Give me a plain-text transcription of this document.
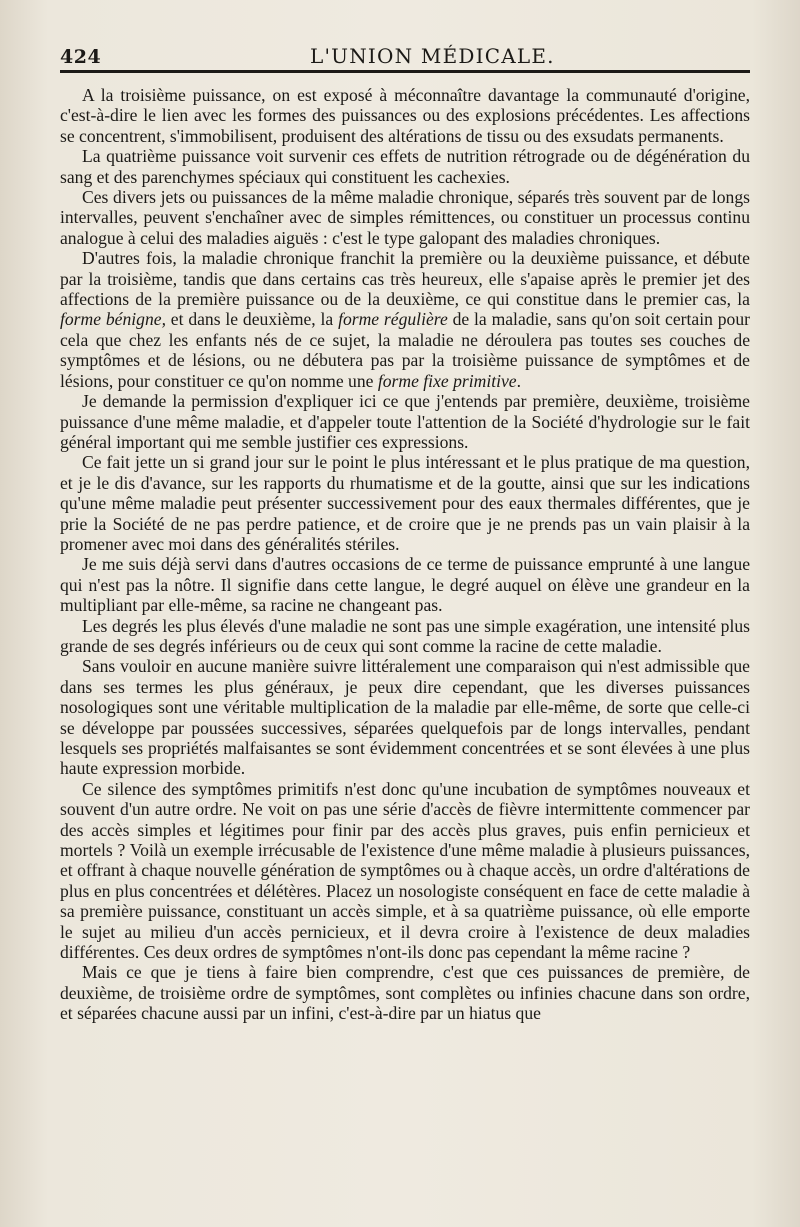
424	L'UNION MÉDICALE.

A la troisième puissance, on est exposé à méconnaître davantage la communauté d'origine, c'est-à-dire le lien avec les formes des puissances ou des explosions précédentes. Les affections se concentrent, s'immobilisent, produisent des altérations de tissu ou des exsudats permanents.

La quatrième puissance voit survenir ces effets de nutrition rétrograde ou de dégénération du sang et des parenchymes spéciaux qui constituent les cachexies.

Ces divers jets ou puissances de la même maladie chronique, séparés très souvent par de longs intervalles, peuvent s'enchaîner avec de simples rémittences, ou constituer un processus continu analogue à celui des maladies aiguës : c'est le type galopant des maladies chroniques.

D'autres fois, la maladie chronique franchit la première ou la deuxième puissance, et débute par la troisième, tandis que dans certains cas très heureux, elle s'apaise après le premier jet des affections de la première puissance ou de la deuxième, ce qui constitue dans le premier cas, la forme bénigne, et dans le deuxième, la forme régulière de la maladie, sans qu'on soit certain pour cela que chez les enfants nés de ce sujet, la maladie ne déroulera pas toutes ses couches de symptômes et de lésions, ou ne débutera pas par la troisième puissance de symptômes et de lésions, pour constituer ce qu'on nomme une forme fixe primitive.

Je demande la permission d'expliquer ici ce que j'entends par première, deuxième, troisième puissance d'une même maladie, et d'appeler toute l'attention de la Société d'hydrologie sur le fait général important qui me semble justifier ces expressions.

Ce fait jette un si grand jour sur le point le plus intéressant et le plus pratique de ma question, et je le dis d'avance, sur les rapports du rhumatisme et de la goutte, ainsi que sur les indications qu'une même maladie peut présenter successivement pour des eaux thermales différentes, que je prie la Société de ne pas perdre patience, et de croire que je ne prends pas un vain plaisir à la promener avec moi dans des généralités stériles.

Je me suis déjà servi dans d'autres occasions de ce terme de puissance emprunté à une langue qui n'est pas la nôtre. Il signifie dans cette langue, le degré auquel on élève une grandeur en la multipliant par elle-même, sa racine ne changeant pas.

Les degrés les plus élevés d'une maladie ne sont pas une simple exagération, une intensité plus grande de ses degrés inférieurs ou de ceux qui sont comme la racine de cette maladie.

Sans vouloir en aucune manière suivre littéralement une comparaison qui n'est admissible que dans ses termes les plus généraux, je peux dire cependant, que les diverses puissances nosologiques sont une véritable multiplication de la maladie par elle-même, de sorte que celle-ci se développe par poussées successives, séparées quelquefois par de longs intervalles, pendant lesquels ses propriétés malfaisantes se sont évidemment concentrées et se sont élevées à une plus haute expression morbide.

Ce silence des symptômes primitifs n'est donc qu'une incubation de symptômes nouveaux et souvent d'un autre ordre. Ne voit on pas une série d'accès de fièvre intermittente commencer par des accès simples et légitimes pour finir par des accès plus graves, puis enfin pernicieux et mortels ? Voilà un exemple irrécusable de l'existence d'une même maladie à plusieurs puissances, et offrant à chaque nouvelle génération de symptômes ou à chaque accès, un ordre d'altérations de plus en plus concentrées et délétères. Placez un nosologiste conséquent en face de cette maladie à sa première puissance, constituant un accès simple, et à sa quatrième puissance, où elle emporte le sujet au milieu d'un accès pernicieux, et il devra croire à l'existence de deux maladies différentes. Ces deux ordres de symptômes n'ont-ils donc pas cependant la même racine ?

Mais ce que je tiens à faire bien comprendre, c'est que ces puissances de première, de deuxième, de troisième ordre de symptômes, sont complètes ou infinies chacune dans son ordre, et séparées chacune aussi par un infini, c'est-à-dire par un hiatus que
